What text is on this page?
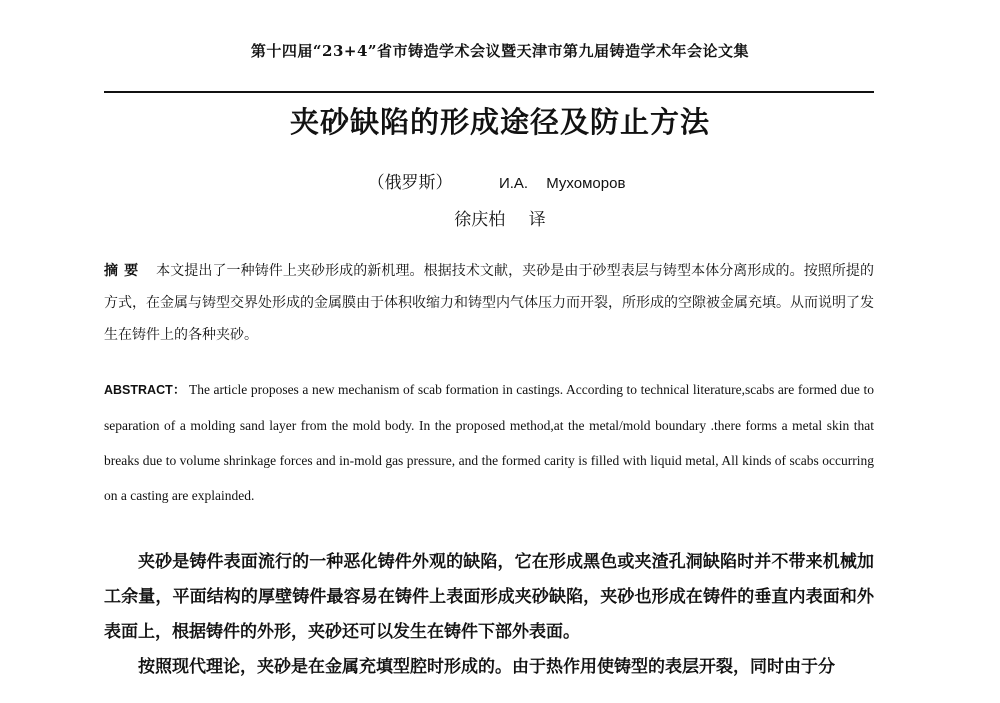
第十四届“23+4”省市铸造学术会议暨天津市第九届铸造学术年会论文集
夹砂缺陷的形成途径及防止方法
（俄罗斯）	И.А. Мухоморов
徐庆柏 译
摘要 本文提出了一种铸件上夹砂形成的新机理。根据技术文献，夹砂是由于砂型表层与铸型本体分离形成的。按照所提的方式，在金属与铸型交界处形成的金属膜由于体积收缩力和铸型内气体压力而开裂，所形成的空隙被金属充填。从而说明了发生在铸件上的各种夹砂。
ABSTRACT： The article proposes a new mechanism of scab formation in castings. According to technical literature,scabs are formed due to separation of a molding sand layer from the mold body. In the proposed method,at the metal/mold boundary .there forms a metal skin that breaks due to volume shrinkage forces and in-mold gas pressure, and the formed carity is filled with liquid metal, All kinds of scabs occurring on a casting are explainded.

夹砂是铸件表面流行的一种恶化铸件外观的缺陷，它在形成黑色或夹渣孔洞缺陷时并不带来机械加工余量，平面结构的厚壁铸件最容易在铸件上表面形成夹砂缺陷，夹砂也形成在铸件的垂直内表面和外表面上，根据铸件的外形，夹砂还可以发生在铸件下部外表面。

按照现代理论，夹砂是在金属充填型腔时形成的。由于热作用使铸型的表层开裂，同时由于分
